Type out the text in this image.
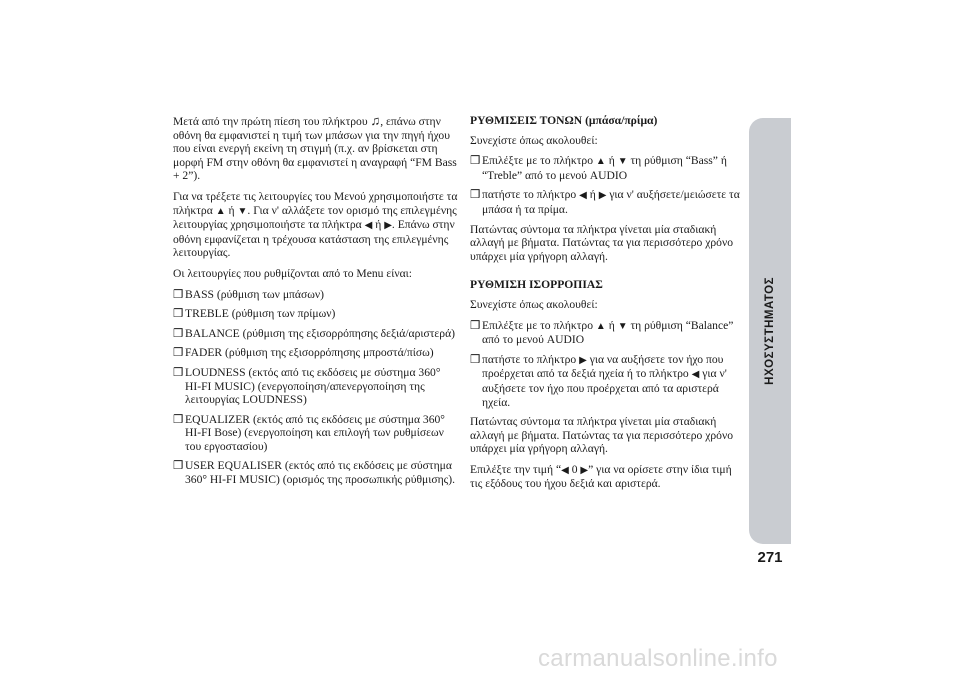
Μετά από την πρώτη πίεση του πλήκτρου ♫, επάνω στην οθόνη θα εμφανιστεί η τιμή των μπάσων για την πηγή ήχου που είναι ενεργή εκείνη τη στιγμή (π.χ. αν βρίσκεται στη μορφή FM στην οθόνη θα εμφανιστεί η αναγραφή “FM Bass + 2”).

Για να τρέξετε τις λειτουργίες του Μενού χρησιμοποιήστε τα πλήκτρα ▲ ή ▼. Για ν' αλλάξετε τον ορισμό της επιλεγμένης λειτουργίας χρησιμοποιήστε τα πλήκτρα ◀ ή ▶. Επάνω στην οθόνη εμφανίζεται η τρέχουσα κατάσταση της επιλεγμένης λειτουργίας.

Οι λειτουργίες που ρυθμίζονται από το Menu είναι:

❒ BASS (ρύθμιση των μπάσων)
❒ TREBLE (ρύθμιση των πρίμων)
❒ BALANCE (ρύθμιση της εξισορρόπησης δεξιά/αριστερά)
❒ FADER (ρύθμιση της εξισορρόπησης μπροστά/πίσω)
❒ LOUDNESS (εκτός από τις εκδόσεις με σύστημα 360° HI-FI MUSIC) (ενεργοποίηση/απενεργοποίηση της λειτουργίας LOUDNESS)
❒ EQUALIZER (εκτός από τις εκδόσεις με σύστημα 360° HI-FI Bose) (ενεργοποίηση και επιλογή των ρυθμίσεων του εργοστασίου)
❒ USER EQUALISER (εκτός από τις εκδόσεις με σύστημα 360° HI-FI MUSIC) (ορισμός της προσωπικής ρύθμισης).
ΡΥΘΜΙΣΕΙΣ ΤΟΝΩΝ (μπάσα/πρίμα)

Συνεχίστε όπως ακολουθεί:

❒ Επιλέξτε με το πλήκτρο ▲ ή ▼ τη ρύθμιση “Bass” ή “Treble” από το μενού AUDIO
❒ πατήστε το πλήκτρο ◀ ή ▶ για ν' αυξήσετε/μειώσετε τα μπάσα ή τα πρίμα.

Πατώντας σύντομα τα πλήκτρα γίνεται μία σταδιακή αλλαγή με βήματα. Πατώντας τα για περισσότερο χρόνο υπάρχει μία γρήγορη αλλαγή.

ΡΥΘΜΙΣΗ ΙΣΟΡΡΟΠΙΑΣ

Συνεχίστε όπως ακολουθεί:

❒ Επιλέξτε με το πλήκτρο ▲ ή ▼ τη ρύθμιση “Balance” από το μενού AUDIO
❒ πατήστε το πλήκτρο ▶ για να αυξήσετε τον ήχο που προέρχεται από τα δεξιά ηχεία ή το πλήκτρο ◀ για ν' αυξήσετε τον ήχο που προέρχεται από τα αριστερά ηχεία.

Πατώντας σύντομα τα πλήκτρα γίνεται μία σταδιακή αλλαγή με βήματα. Πατώντας τα για περισσότερο χρόνο υπάρχει μία γρήγορη αλλαγή.

Επιλέξτε την τιμή “◀ 0 ▶” για να ορίσετε στην ίδια τιμή τις εξόδους του ήχου δεξιά και αριστερά.

ΗΧΟΣΥΣΤΗΜΑΤΟΣ
271
carmanualsonline.info
